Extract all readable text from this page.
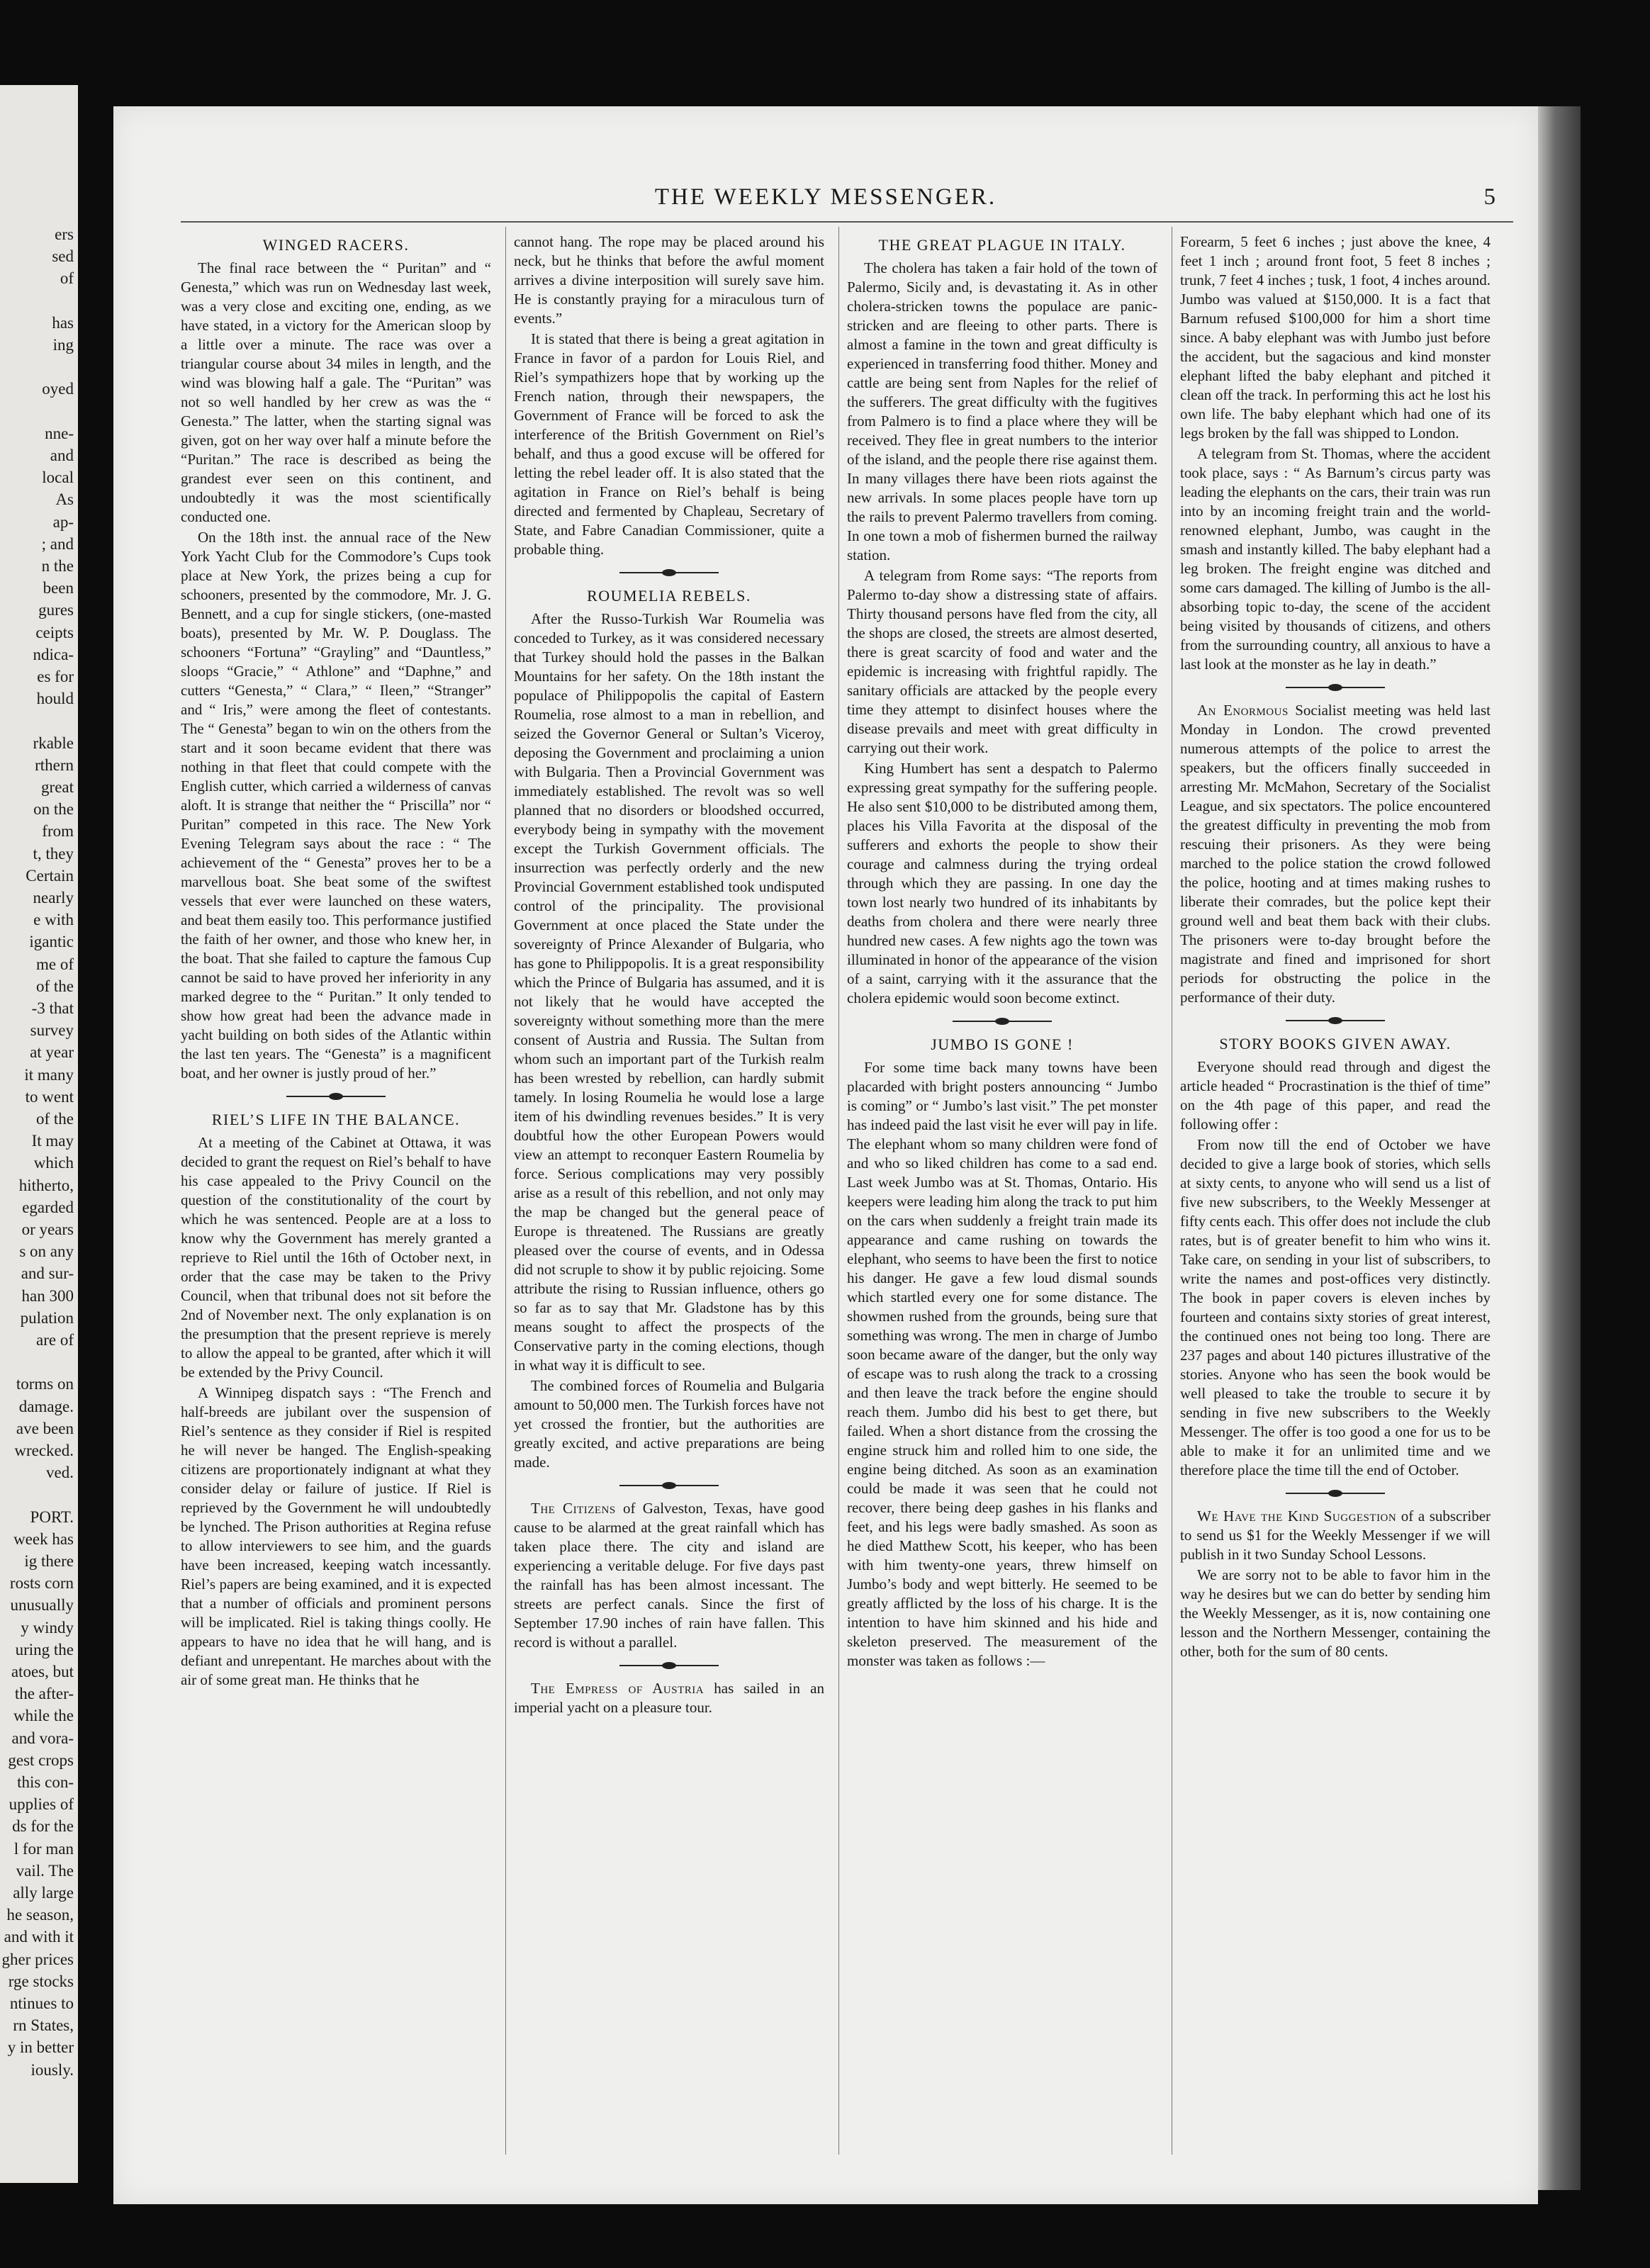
ers
sed
of
has
ing
oyed
nne-
and
local
As
ap-
; and
n the
been
gures
ceipts
ndica-
es for
hould
rkable
rthern
great
on the
from
t, they
Certain
nearly
e with
igantic
me of
of the
-3 that
survey
at year
it many
to went
of the
It may
which
hitherto,
egarded
or years
s on any
and sur-
han 300
pulation
are of
torms on
damage.
ave been
wrecked.
ved.
PORT.
week has
ig there
rosts corn
unusually
y windy
uring the
atoes, but
the after-
while the
and vora-
gest crops
this con-
upplies of
ds for the
l for man
vail. The
ally large
he season,
and with it
gher prices
rge stocks
ntinues to
rn States,
y in better
iously.
THE WEEKLY MESSENGER.	5
WINGED RACERS.

The final race between the “ Puritan” and “ Genesta,” which was run on Wednesday last week, was a very close and exciting one, ending, as we have stated, in a victory for the American sloop by a little over a minute. The race was over a triangular course about 34 miles in length, and the wind was blowing half a gale. The “Puritan” was not so well handled by her crew as was the “ Genesta.” The latter, when the starting signal was given, got on her way over half a minute before the “Puritan.” The race is described as being the grandest ever seen on this continent, and undoubtedly it was the most scientifically conducted one.

On the 18th inst. the annual race of the New York Yacht Club for the Commodore’s Cups took place at New York, the prizes being a cup for schooners, presented by the commodore, Mr. J. G. Bennett, and a cup for single stickers, (one-masted boats), presented by Mr. W. P. Douglass. The schooners “Fortuna” “Grayling” and “Dauntless,” sloops “Gracie,” “ Athlone” and “Daphne,” and cutters “Genesta,” “ Clara,” “ Ileen,” “Stranger” and “ Iris,” were among the fleet of contestants. The “ Genesta” began to win on the others from the start and it soon became evident that there was nothing in that fleet that could compete with the English cutter, which carried a wilderness of canvas aloft. It is strange that neither the “ Priscilla” nor “ Puritan” competed in this race. The New York Evening Telegram says about the race : “ The achievement of the “ Genesta” proves her to be a marvellous boat. She beat some of the swiftest vessels that ever were launched on these waters, and beat them easily too. This performance justified the faith of her owner, and those who knew her, in the boat. That she failed to capture the famous Cup cannot be said to have proved her inferiority in any marked degree to the “ Puritan.” It only tended to show how great had been the advance made in yacht building on both sides of the Atlantic within the last ten years. The “Genesta” is a magnificent boat, and her owner is justly proud of her.”

RIEL’S LIFE IN THE BALANCE.

At a meeting of the Cabinet at Ottawa, it was decided to grant the request on Riel’s behalf to have his case appealed to the Privy Council on the question of the constitutionality of the court by which he was sentenced. People are at a loss to know why the Government has merely granted a reprieve to Riel until the 16th of October next, in order that the case may be taken to the Privy Council, when that tribunal does not sit before the 2nd of November next. The only explanation is on the presumption that the present reprieve is merely to allow the appeal to be granted, after which it will be extended by the Privy Council.

A Winnipeg dispatch says : “The French and half-breeds are jubilant over the suspension of Riel’s sentence as they consider if Riel is respited he will never be hanged. The English-speaking citizens are proportionately indignant at what they consider delay or failure of justice. If Riel is reprieved by the Government he will undoubtedly be lynched. The Prison authorities at Regina refuse to allow interviewers to see him, and the guards have been increased, keeping watch incessantly. Riel’s papers are being examined, and it is expected that a number of officials and prominent persons will be implicated. Riel is taking things coolly. He appears to have no idea that he will hang, and is defiant and unrepentant. He marches about with the air of some great man. He thinks that he

cannot hang. The rope may be placed around his neck, but he thinks that before the awful moment arrives a divine interposition will surely save him. He is constantly praying for a miraculous turn of events.”

It is stated that there is being a great agitation in France in favor of a pardon for Louis Riel, and Riel’s sympathizers hope that by working up the French nation, through their newspapers, the Government of France will be forced to ask the interference of the British Government on Riel’s behalf, and thus a good excuse will be offered for letting the rebel leader off. It is also stated that the agitation in France on Riel’s behalf is being directed and fermented by Chapleau, Secretary of State, and Fabre Canadian Commissioner, quite a probable thing.

ROUMELIA REBELS.

After the Russo-Turkish War Roumelia was conceded to Turkey, as it was considered necessary that Turkey should hold the passes in the Balkan Mountains for her safety. On the 18th instant the populace of Philippopolis the capital of Eastern Roumelia, rose almost to a man in rebellion, and seized the Governor General or Sultan’s Viceroy, deposing the Government and proclaiming a union with Bulgaria. Then a Provincial Government was immediately established. The revolt was so well planned that no disorders or bloodshed occurred, everybody being in sympathy with the movement except the Turkish Government officials. The insurrection was perfectly orderly and the new Provincial Government established took undisputed control of the principality. The provisional Government at once placed the State under the sovereignty of Prince Alexander of Bulgaria, who has gone to Philippopolis. It is a great responsibility which the Prince of Bulgaria has assumed, and it is not likely that he would have accepted the sovereignty without something more than the mere consent of Austria and Russia. The Sultan from whom such an important part of the Turkish realm has been wrested by rebellion, can hardly submit tamely. In losing Roumelia he would lose a large item of his dwindling revenues besides.” It is very doubtful how the other European Powers would view an attempt to reconquer Eastern Roumelia by force. Serious complications may very possibly arise as a result of this rebellion, and not only may the map be changed but the general peace of Europe is threatened. The Russians are greatly pleased over the course of events, and in Odessa did not scruple to show it by public rejoicing. Some attribute the rising to Russian influence, others go so far as to say that Mr. Gladstone has by this means sought to affect the prospects of the Conservative party in the coming elections, though in what way it is difficult to see.

The combined forces of Roumelia and Bulgaria amount to 50,000 men. The Turkish forces have not yet crossed the frontier, but the authorities are greatly excited, and active preparations are being made.

The Citizens of Galveston, Texas, have good cause to be alarmed at the great rainfall which has taken place there. The city and island are experiencing a veritable deluge. For five days past the rainfall has has been almost incessant. The streets are perfect canals. Since the first of September 17.90 inches of rain have fallen. This record is without a parallel.

The Empress of Austria has sailed in an imperial yacht on a pleasure tour.

THE GREAT PLAGUE IN ITALY.

The cholera has taken a fair hold of the town of Palermo, Sicily and, is devastating it. As in other cholera-stricken towns the populace are panic-stricken and are fleeing to other parts. There is almost a famine in the town and great difficulty is experienced in transferring food thither. Money and cattle are being sent from Naples for the relief of the sufferers. The great difficulty with the fugitives from Palmero is to find a place where they will be received. They flee in great numbers to the interior of the island, and the people there rise against them. In many villages there have been riots against the new arrivals. In some places people have torn up the rails to prevent Palermo travellers from coming. In one town a mob of fishermen burned the railway station.

A telegram from Rome says: “The reports from Palermo to-day show a distressing state of affairs. Thirty thousand persons have fled from the city, all the shops are closed, the streets are almost deserted, there is great scarcity of food and water and the epidemic is increasing with frightful rapidly. The sanitary officials are attacked by the people every time they attempt to disinfect houses where the disease prevails and meet with great difficulty in carrying out their work.

King Humbert has sent a despatch to Palermo expressing great sympathy for the suffering people. He also sent $10,000 to be distributed among them, places his Villa Favorita at the disposal of the sufferers and exhorts the people to show their courage and calmness during the trying ordeal through which they are passing. In one day the town lost nearly two hundred of its inhabitants by deaths from cholera and there were nearly three hundred new cases. A few nights ago the town was illuminated in honor of the appearance of the vision of a saint, carrying with it the assurance that the cholera epidemic would soon become extinct.

JUMBO IS GONE !

For some time back many towns have been placarded with bright posters announcing “ Jumbo is coming” or “ Jumbo’s last visit.” The pet monster has indeed paid the last visit he ever will pay in life. The elephant whom so many children were fond of and who so liked children has come to a sad end. Last week Jumbo was at St. Thomas, Ontario. His keepers were leading him along the track to put him on the cars when suddenly a freight train made its appearance and came rushing on towards the elephant, who seems to have been the first to notice his danger. He gave a few loud dismal sounds which startled every one for some distance. The showmen rushed from the grounds, being sure that something was wrong. The men in charge of Jumbo soon became aware of the danger, but the only way of escape was to rush along the track to a crossing and then leave the track before the engine should reach them. Jumbo did his best to get there, but failed. When a short distance from the crossing the engine struck him and rolled him to one side, the engine being ditched. As soon as an examination could be made it was seen that he could not recover, there being deep gashes in his flanks and feet, and his legs were badly smashed. As soon as he died Matthew Scott, his keeper, who has been with him twenty-one years, threw himself on Jumbo’s body and wept bitterly. He seemed to be greatly afflicted by the loss of his charge. It is the intention to have him skinned and his hide and skeleton preserved. The measurement of the monster was taken as follows :—

Forearm, 5 feet 6 inches ; just above the knee, 4 feet 1 inch ; around front foot, 5 feet 8 inches ; trunk, 7 feet 4 inches ; tusk, 1 foot, 4 inches around. Jumbo was valued at $150,000. It is a fact that Barnum refused $100,000 for him a short time since. A baby elephant was with Jumbo just before the accident, but the sagacious and kind monster elephant lifted the baby elephant and pitched it clean off the track. In performing this act he lost his own life. The baby elephant which had one of its legs broken by the fall was shipped to London.

A telegram from St. Thomas, where the accident took place, says : “ As Barnum’s circus party was leading the elephants on the cars, their train was run into by an incoming freight train and the world-renowned elephant, Jumbo, was caught in the smash and instantly killed. The baby elephant had a leg broken. The freight engine was ditched and some cars damaged. The killing of Jumbo is the all-absorbing topic to-day, the scene of the accident being visited by thousands of citizens, and others from the surrounding country, all anxious to have a last look at the monster as he lay in death.”

An Enormous Socialist meeting was held last Monday in London. The crowd prevented numerous attempts of the police to arrest the speakers, but the officers finally succeeded in arresting Mr. McMahon, Secretary of the Socialist League, and six spectators. The police encountered the greatest difficulty in preventing the mob from rescuing their prisoners. As they were being marched to the police station the crowd followed the police, hooting and at times making rushes to liberate their comrades, but the police kept their ground well and beat them back with their clubs. The prisoners were to-day brought before the magistrate and fined and imprisoned for short periods for obstructing the police in the performance of their duty.

STORY BOOKS GIVEN AWAY.

Everyone should read through and digest the article headed “ Procrastination is the thief of time” on the 4th page of this paper, and read the following offer :

From now till the end of October we have decided to give a large book of stories, which sells at sixty cents, to anyone who will send us a list of five new subscribers, to the Weekly Messenger at fifty cents each. This offer does not include the club rates, but is of greater benefit to him who wins it. Take care, on sending in your list of subscribers, to write the names and post-offices very distinctly. The book in paper covers is eleven inches by fourteen and contains sixty stories of great interest, the continued ones not being too long. There are 237 pages and about 140 pictures illustrative of the stories. Anyone who has seen the book would be well pleased to take the trouble to secure it by sending in five new subscribers to the Weekly Messenger. The offer is too good a one for us to be able to make it for an unlimited time and we therefore place the time till the end of October.

We Have the Kind Suggestion of a subscriber to send us $1 for the Weekly Messenger if we will publish in it two Sunday School Lessons.

We are sorry not to be able to favor him in the way he desires but we can do better by sending him the Weekly Messenger, as it is, now containing one lesson and the Northern Messenger, containing the other, both for the sum of 80 cents.
